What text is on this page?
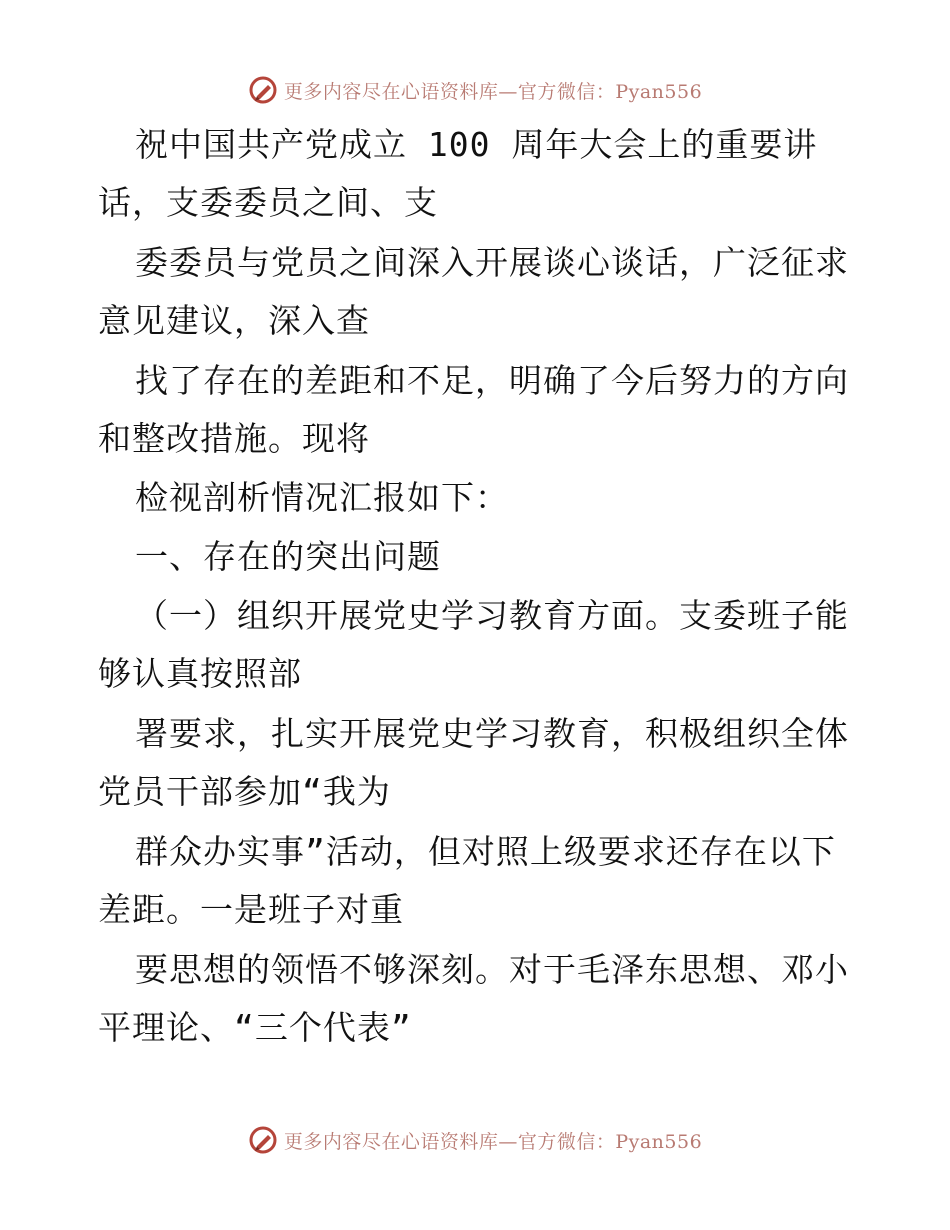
更多内容尽在心语资料库—官方微信：Pyan556
祝中国共产党成立 100 周年大会上的重要讲
话，支委委员之间、支
委委员与党员之间深入开展谈心谈话，广泛征求
意见建议，深入查
找了存在的差距和不足，明确了今后努力的方向
和整改措施。现将
检视剖析情况汇报如下：
一、存在的突出问题
（一）组织开展党史学习教育方面。支委班子能
够认真按照部
署要求，扎实开展党史学习教育，积极组织全体
党员干部参加“我为
群众办实事”活动，但对照上级要求还存在以下
差距。一是班子对重
要思想的领悟不够深刻。对于毛泽东思想、邓小
平理论、“三个代表”
更多内容尽在心语资料库—官方微信：Pyan556
